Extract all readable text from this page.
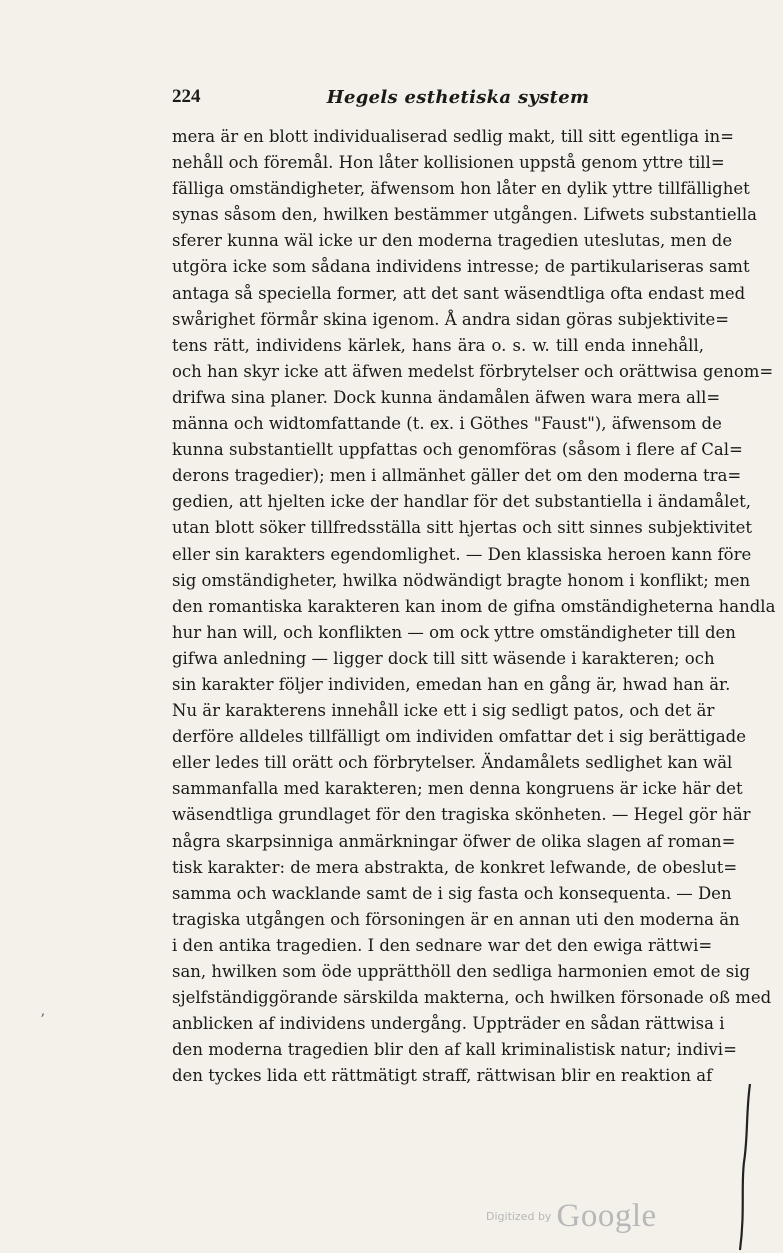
224	Hegels esthetiska system
mera är en blott individualiserad sedlig makt, till sitt egentliga in=
nehåll och föremål. Hon låter kollisionen uppstå genom yttre till=
fälliga omständigheter, äfwensom hon låter en dylik yttre tillfällighet
synas såsom den, hwilken bestämmer utgången. Lifwets substantiella
sferer kunna wäl icke ur den moderna tragedien uteslutas, men de
utgöra icke som sådana individens intresse; de partikulariseras samt
antaga så speciella former, att det sant wäsendtliga ofta endast med
swårighet förmår skina igenom. Å andra sidan göras subjektivite=
tens rätt, individens kärlek, hans ära o. s. w. till enda innehåll,
och han skyr icke att äfwen medelst förbrytelser och orättwisa genom=
drifwa sina planer. Dock kunna ändamålen äfwen wara mera all=
männa och widtomfattande (t. ex. i Göthes "Faust"), äfwensom de
kunna substantiellt uppfattas och genomföras (såsom i flere af Cal=
derons tragedier); men i allmänhet gäller det om den moderna tra=
gedien, att hjelten icke der handlar för det substantiella i ändamålet,
utan blott söker tillfredsställa sitt hjertas och sitt sinnes subjektivitet
eller sin karakters egendomlighet. — Den klassiska heroen kann före
sig omständigheter, hwilka nödwändigt bragte honom i konflikt; men
den romantiska karakteren kan inom de gifna omständigheterna handla
hur han will, och konflikten — om ock yttre omständigheter till den
gifwa anledning — ligger dock till sitt wäsende i karakteren; och
sin karakter följer individen, emedan han en gång är, hwad han är.
Nu är karakterens innehåll icke ett i sig sedligt patos, och det är
derföre alldeles tillfälligt om individen omfattar det i sig berättigade
eller ledes till orätt och förbrytelser. Ändamålets sedlighet kan wäl
sammanfalla med karakteren; men denna kongruens är icke här det
wäsendtliga grundlaget för den tragiska skönheten. — Hegel gör här
några skarpsinniga anmärkningar öfwer de olika slagen af roman=
tisk karakter: de mera abstrakta, de konkret lefwande, de obeslut=
samma och wacklande samt de i sig fasta och konsequenta. — Den
tragiska utgången och försoningen är en annan uti den moderna än
i den antika tragedien. I den sednare war det den ewiga rättwi=
san, hwilken som öde upprätthöll den sedliga harmonien emot de sig
sjelfständiggörande särskilda makterna, och hwilken försonade oß med
anblicken af individens undergång. Uppträder en sådan rättwisa i
den moderna tragedien blir den af kall kriminalistisk natur; indivi=
den tyckes lida ett rättmätigt straff, rättwisan blir en reaktion af
ʼ
Digitized by Google
